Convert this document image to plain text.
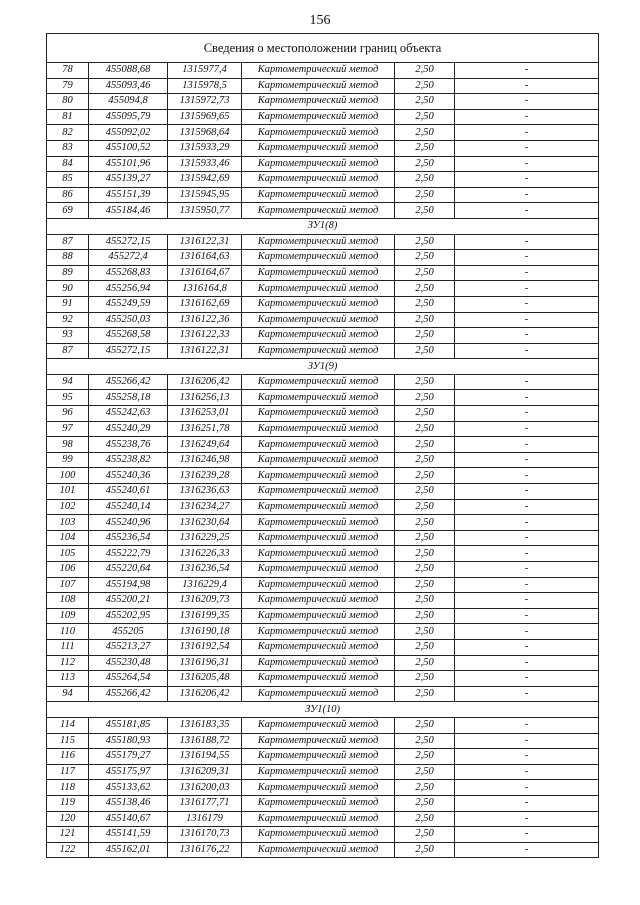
156
Сведения о местоположении границ объекта					
78	455088,68	1315977,4	Картометрический метод	2,50	-
79	455093,46	1315978,5	Картометрический метод	2,50	-
80	455094,8	1315972,73	Картометрический метод	2,50	-
81	455095,79	1315969,65	Картометрический метод	2,50	-
82	455092,02	1315968,64	Картометрический метод	2,50	-
83	455100,52	1315933,29	Картометрический метод	2,50	-
84	455101,96	1315933,46	Картометрический метод	2,50	-
85	455139,27	1315942,69	Картометрический метод	2,50	-
86	455151,39	1315945,95	Картометрический метод	2,50	-
69	455184,46	1315950,77	Картометрический метод	2,50	-
ЗУ1(8)					
87	455272,15	1316122,31	Картометрический метод	2,50	-
88	455272,4	1316164,63	Картометрический метод	2,50	-
89	455268,83	1316164,67	Картометрический метод	2,50	-
90	455256,94	1316164,8	Картометрический метод	2,50	-
91	455249,59	1316162,69	Картометрический метод	2,50	-
92	455250,03	1316122,36	Картометрический метод	2,50	-
93	455268,58	1316122,33	Картометрический метод	2,50	-
87	455272,15	1316122,31	Картометрический метод	2,50	-
ЗУ1(9)					
94	455266,42	1316206,42	Картометрический метод	2,50	-
95	455258,18	1316256,13	Картометрический метод	2,50	-
96	455242,63	1316253,01	Картометрический метод	2,50	-
97	455240,29	1316251,78	Картометрический метод	2,50	-
98	455238,76	1316249,64	Картометрический метод	2,50	-
99	455238,82	1316246,98	Картометрический метод	2,50	-
100	455240,36	1316239,28	Картометрический метод	2,50	-
101	455240,61	1316236,63	Картометрический метод	2,50	-
102	455240,14	1316234,27	Картометрический метод	2,50	-
103	455240,96	1316230,64	Картометрический метод	2,50	-
104	455236,54	1316229,25	Картометрический метод	2,50	-
105	455222,79	1316226,33	Картометрический метод	2,50	-
106	455220,64	1316236,54	Картометрический метод	2,50	-
107	455194,98	1316229,4	Картометрический метод	2,50	-
108	455200,21	1316209,73	Картометрический метод	2,50	-
109	455202,95	1316199,35	Картометрический метод	2,50	-
110	455205	1316190,18	Картометрический метод	2,50	-
111	455213,27	1316192,54	Картометрический метод	2,50	-
112	455230,48	1316196,31	Картометрический метод	2,50	-
113	455264,54	1316205,48	Картометрический метод	2,50	-
94	455266,42	1316206,42	Картометрический метод	2,50	-
ЗУ1(10)					
114	455181,85	1316183,35	Картометрический метод	2,50	-
115	455180,93	1316188,72	Картометрический метод	2,50	-
116	455179,27	1316194,55	Картометрический метод	2,50	-
117	455175,97	1316209,31	Картометрический метод	2,50	-
118	455133,62	1316200,03	Картометрический метод	2,50	-
119	455138,46	1316177,71	Картометрический метод	2,50	-
120	455140,67	1316179	Картометрический метод	2,50	-
121	455141,59	1316170,73	Картометрический метод	2,50	-
122	455162,01	1316176,22	Картометрический метод	2,50	-
